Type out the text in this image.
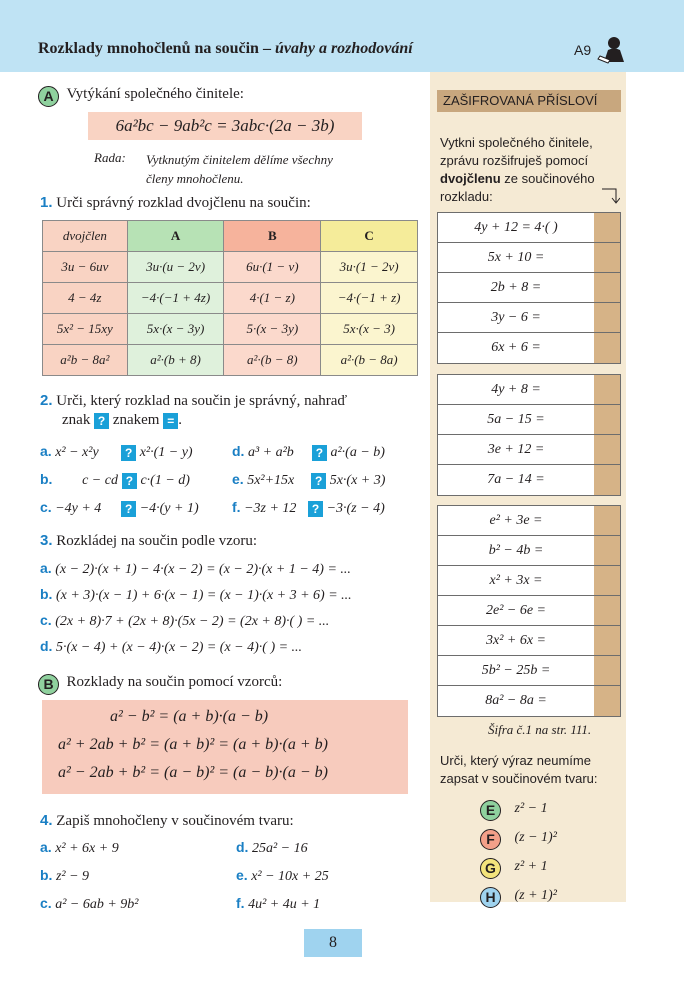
Rozklady mnohočlenů na součin – úvahy a rozhodování	A9
ZAŠIFROVANÁ PŘÍSLOVÍ
A Vytýkání společného činitele:
6a²bc − 9ab²c = 3abc·(2a − 3b)
Rada: Vytknutým činitelem dělíme všechny
členy mnohočlenu.
1. Urči správný rozklad dvojčlenu na součin:
dvojčlen	A	B	C
3u − 6uv	3u·(u − 2v)	6u·(1 − v)	3u·(1 − 2v)
4 − 4z	−4·(−1 + 4z)	4·(1 − z)	−4·(−1 + z)
5x² − 15xy	5x·(x − 3y)	5·(x − 3y)	5x·(x − 3)
a²b − 8a²	a²·(b + 8)	a²·(b − 8)	a²·(b − 8a)
2. Urči, který rozklad na součin je správný, nahraď
znak ? znakem = .
a. x² − x²y ? x²·(1 − y)
b. c − cd ? c·(1 − d)
c. −4y + 4 ? −4·(y + 1)
d. a³ + a²b ? a²·(a − b)
e. 5x²+15x ? 5x·(x + 3)
f. −3z + 12 ? −3·(z − 4)
3. Rozkládej na součin podle vzoru:
a. (x − 2)·(x + 1) − 4·(x − 2) = (x − 2)·(x + 1 − 4) = ...
b. (x + 3)·(x − 1) + 6·(x − 1) = (x − 1)·(x + 3 + 6) = ...
c. (2x + 8)·7 + (2x + 8)·(5x − 2) = (2x + 8)·( ) = ...
d. 5·(x − 4) + (x − 4)·(x − 2) = (x − 4)·( ) = ...
B Rozklady na součin pomocí vzorců:
a² − b² = (a + b)·(a − b)
a² + 2ab + b² = (a + b)² = (a + b)·(a + b)
a² − 2ab + b² = (a − b)² = (a − b)·(a − b)
4. Zapiš mnohočleny v součinovém tvaru:
a. x² + 6x + 9
b. z² − 9
c. a² − 6ab + 9b²
d. 25a² − 16
e. x² − 10x + 25
f. 4u² + 4u + 1
Vytkni společného činitele,
zprávu rozšifruješ pomocí
dvojčlenu ze součinového
rozkladu:
4y + 12 = 4·( )
5x + 10 =
2b + 8 =
3y − 6 =
6x + 6 =
4y + 8 =
5a − 15 =
3e + 12 =
7a − 14 =
e² + 3e =
b² − 4b =
x² + 3x =
2e² − 6e =
3x² + 6x =
5b² − 25b =
8a² − 8a =
Šifra č.1 na str. 111.
Urči, který výraz neumíme
zapsat v součinovém tvaru:
E z² − 1
F (z − 1)²
G z² + 1
H (z + 1)²
8
